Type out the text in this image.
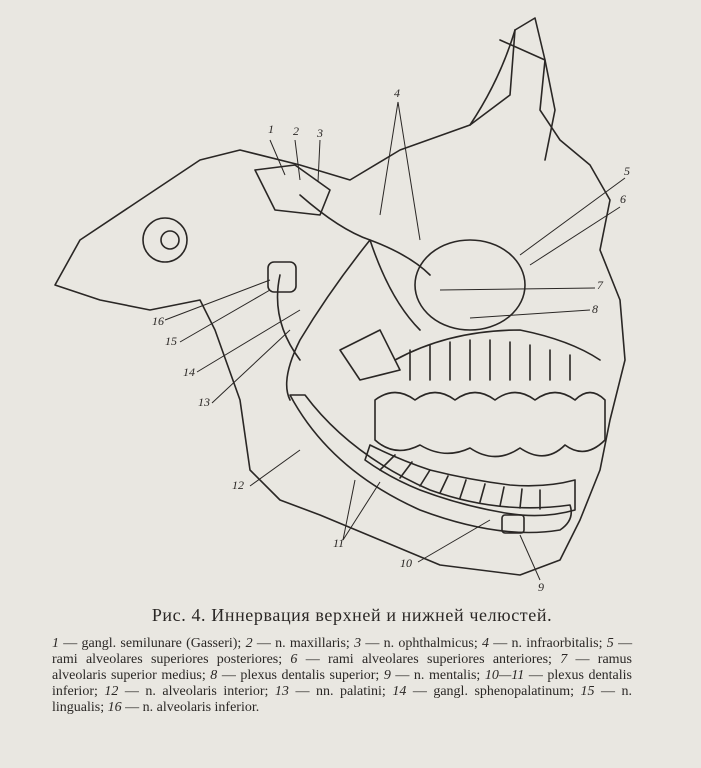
1 2 3
4
5
6
7
8
9
10
11
12
13
14
15
16
Рис. 4. Иннервация верхней и нижней челюстей.
1 — gangl. semilunare (Gasseri); 2 — n. maxillaris; 3 — n. ophthalmicus; 4 — n. infraorbitalis; 5 — rami alveolares superiores posteriores; 6 — rami alveolares superiores anteriores; 7 — ramus alveolaris superior medius; 8 — plexus dentalis superior; 9 — n. mentalis; 10—11 — plexus dentalis inferior; 12 — n. alveolaris interior; 13 — nn. palatini; 14 — gangl. sphenopalatinum; 15 — n. lingualis; 16 — n. alveolaris inferior.
